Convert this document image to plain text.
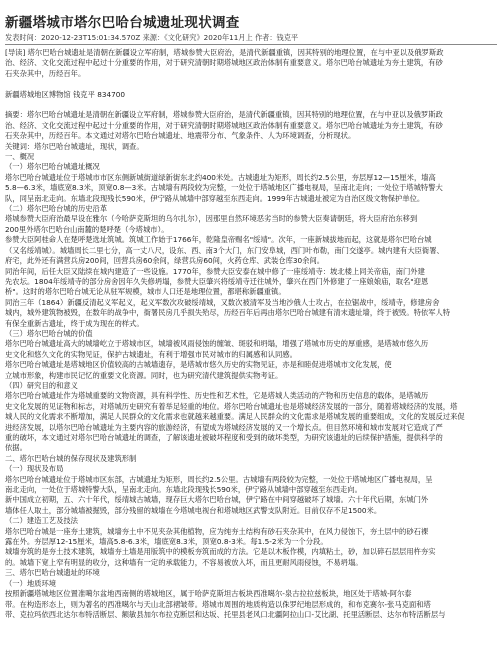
新疆塔城市塔尔巴哈台城遗址现状调查
发表时间：2020-12-23T15:01:34.570Z 来源：《文化研究》2020年11月上 作者：钱克平

[导读] 塔尔巴哈台城遗址是清朝在新疆设立军府制，塔城参赞大臣府治，是清代新疆重镇，因其特别的地理位置，在与中亚以及俄罗斯政
治、经济、文化交流过程中起过十分重要的作用，对于研究清朝时期塔城地区政治体制有重要意义。塔尔巴哈台城遗址为夯土建筑，有砂
石夹杂其中，历经百年。

新疆塔城地区博物馆 钱克平 834700

摘要：塔尔巴哈台城遗址是清朝在新疆设立军府制，塔城参赞大臣府治，是清代新疆重镇，因其特别的地理位置，在与中亚以及俄罗斯政
治、经济、文化交流过程中起过十分重要的作用，对于研究清朝时期塔城地区政治体制有重要意义。塔尔巴哈台城遗址为夯土建筑，有砂
石夹杂其中，历经百年。本文通过对塔尔巴哈台城遗址、地震带分布、气象条件、人为环境调查，分析现状。
关键词：塔尔巴哈台城遗址，现状，调查。
一、概况
（一）塔尔巴哈台城遗址概况
塔尔巴哈台城遗址位于塔城市市区东侧新城街道绿新街东北约400米处。古城遗址为矩形，周长约2.5公里，夯层厚12—15厘米，墙高
5.8—6.3米，墙底宽8.3米，顶宽0.8—3米。古城墙有两段较为完整，一处位于塔城地区广播电视局，呈南北走向；一处位于塔城特警大
队，同呈南北走向。东墙北段现残长590米，伊宁路从城墙中部穿越至东西走向。1999年古城遗址被定为自治区级文物保护单位。
（二）塔尔巴哈台城的历史沿革
塔城参赞大臣府治最早设在雅尔（今哈萨克斯坦的乌尔扎尔），因那里自然环境恶劣当时的参赞大臣奏请朝廷，将大臣府治东移到
200里外塔尔巴哈台山南麓的楚呼楚（今塔城市）。
参赞大臣阿桂命人在楚呼楚选址筑城。筑城工作始于1766年，乾隆皇帝赐名"绥靖"。次年，一座新城拔地而起，这就是塔尔巴哈台城
（又名绥靖城）。城墙周长二里七分，高一丈八尺，设东、西、南3个大门，东门安阜城，西门叶布勒，南门交遂亭。城内建有大臣衙署、
府宅，此外还有满营兵房200间，回营兵房60余间，绿营兵房60间，火药仓库、武装仓库30余间。
同治年间，后任大臣又陆续在城内建造了一些设施。1770年，参赞大臣安泰在城中修了一座绥靖寺：坡北楼上同关帝庙，南门外建
先农坛。1804年绥靖寺的部分房舍因年久失修坍塌，参赞大臣肇兴将绥靖寺迁往城外，肇兴在西门外修建了一座娘娘庙，取名"迎恩
桥"。这时的塔尔巴哈台城无论从驻军规模，城市人口还是地理位置，都堪称新疆重镇。
同治三年（1864）新疆反清起义军起义，起义军数次攻破绥靖城，又数次被清军及当地沙俄人士攻占，在拉锯战中，绥靖寺，修建房舍
城内，城外建筑物被毁，在数年的战争中，衙署民房几乎损失殆尽，历经百年后再由塔尔巴哈台城建有清末遗址墙，终于被毁。特依军人特
有保全重新古遗址，终于成为现在的样式。
（三）塔尔巴哈台城的价值
塔尔巴哈台城遗址高大的城墙屹立于塔城市区，城墙被风雨侵蚀的缠皱、斑驳和坍塌，增强了塔城市历史的厚重感，是塔城市悠久历
史文化和悠久文化的实物见证，保护古城遗址，有利于增强市民对城市的归属感和认同感。
塔尔巴哈台城遗址是塔城地区价值较高的古城墙遗存，是塔城市悠久历史的实物见证，亦是和睦促进塔城市文化发展，使
立城市形象，构建市民记忆的重要文化资源。同时，也为研究清代建筑提供实物考证。
（四）研究目的和意义
塔尔巴哈台城遗址作为塔城重要的文物资源，具有科学性、历史性和艺术性，它是塔城人类活动的产物和历史信息的载体，是塔城历
史文化发展的见证物和标志，对塔城历史研究有着举足轻重的地位。塔尔巴哈台城遗址也是塔城经济发展的一部分，随着塔城经济的发展，塔
城人民的文化需求不断增加，满足人民群众的文化需求也就越来越重要。满足人民群众的文化需求是塔城发展的重要组成，文化的发展反过来促
进经济发展，以塔尔巴哈台城遗址为主要内容的旅游经济，有望成为塔城经济发展的又一个增长点。但目然环境和城市发展对它造成了严
重的破坏，本文通过对塔尔巴哈台城遗址的调查，了解该遗址被破坏程度和受到的破坏类型，为研究该遗址的后续保护措施，提供科学的
依据。
二、塔尔巴哈台城的保存现状及建筑形制
（一）现状及布局
塔尔巴哈台城遗址位于塔城市区东部，古城遗址为矩形，周长约2.5公里。古城墙有两段较为完整，一处位于塔城地区广播电视局，呈
南北走向，一处位于塔城特警大队，呈南北走向。东墙北段现残长590米，伊宁路从城墙中部穿越至东西走向。
新中国成立初期，五、六十年代，绥靖城古城墙，现存巨大塔尔巴哈台城，伊宁路在中间穿越破坏了城墙。六十年代后期，东城门外
墙体任人取土，部分城墙被掘毁，部分残留的城墙在今塔城电视台和塔城地区武警支队附近。目前仅存不足1500米。
（二）建造工艺及技法
塔尔巴哈台城是一座夯土建筑，城墙夯土中不见夹杂其他植物，应为纯夯土结构有砂石夹杂其中，在风力侵蚀下，夯土层中的砂石裸
露在外。夯层厚12-15厘米，墙高5.8-6.3米，墙底宽8.3米，顶宽0.8-3米。每1.5-2米为一个分段。
城墙夯筑的是夯土技术建筑，城墙夯土墙是用版筑中的模板夯筑而成的方法。它是以木板作模，内填粘土，砂，加以碎石层层用杵夯实
的。城墙下宽上窄有明显的收分，这种墙有一定的承载能力，不容易被放入坏，而且更耐风雨侵蚀，不易坍塌。
三、塔尔巴哈台城遗址的环境
（一）地质环境
按照新疆塔城地区位置准噶尔盆地西南侧的塔城地区，属于哈萨克斯坦古板块西准噶尔-泉古拉拉兹板块，地区处于塔城-阿尔泰
带。在构造形态上，则为著名的西准噶尔与天山北部褶皱带。塔城市周围的地质构造以侏罗纪地层形成的，和布克赛尔-张马克面和塔
带、克拉玛依西北达尔布特活断层、额敏县加尔布拉克断层和达坂、托里县老风口北疆阿拉山口-艾比湖、托里活断层、达尔布特活断层与
